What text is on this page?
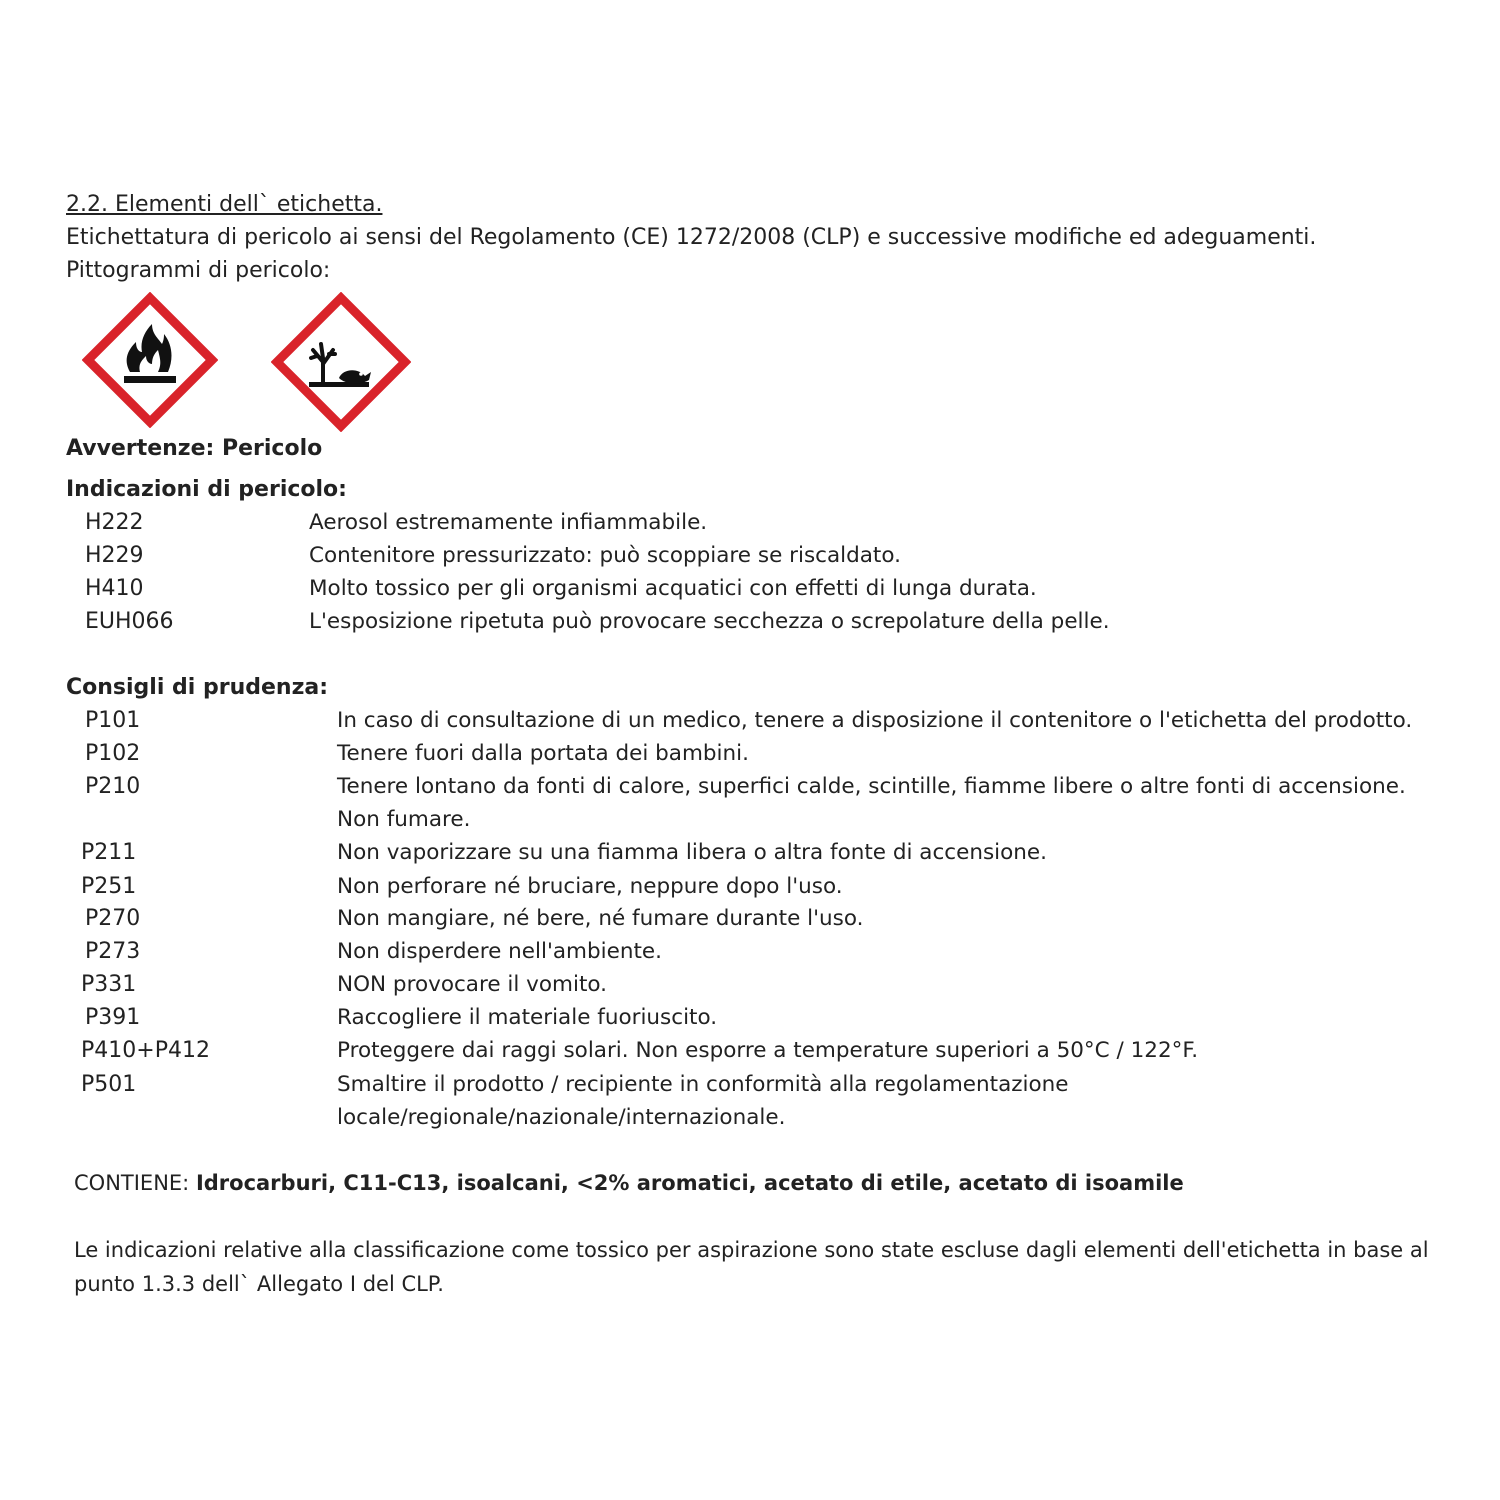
2.2. Elementi dell` etichetta.
Etichettatura di pericolo ai sensi del Regolamento (CE) 1272/2008 (CLP) e successive modifiche ed adeguamenti.
Pittogrammi di pericolo:
Avvertenze: Pericolo
Indicazioni di pericolo:
H222	Aerosol estremamente infiammabile.
H229	Contenitore pressurizzato: può scoppiare se riscaldato.
H410	Molto tossico per gli organismi acquatici con effetti di lunga durata.
EUH066	L'esposizione ripetuta può provocare secchezza o screpolature della pelle.
Consigli di prudenza:
P101	In caso di consultazione di un medico, tenere a disposizione il contenitore o l'etichetta del prodotto.
P102	Tenere fuori dalla portata dei bambini.
P210	Tenere lontano da fonti di calore, superfici calde, scintille, fiamme libere o altre fonti di accensione.
Non fumare.
P211	Non vaporizzare su una fiamma libera o altra fonte di accensione.
P251	Non perforare né bruciare, neppure dopo l'uso.
P270	Non mangiare, né bere, né fumare durante l'uso.
P273	Non disperdere nell'ambiente.
P331	NON provocare il vomito.
P391	Raccogliere il materiale fuoriuscito.
P410+P412	Proteggere dai raggi solari. Non esporre a temperature superiori a 50°C / 122°F.
P501	Smaltire il prodotto / recipiente in conformità alla regolamentazione
locale/regionale/nazionale/internazionale.
CONTIENE: Idrocarburi, C11-C13, isoalcani, <2% aromatici, acetato di etile, acetato di isoamile
Le indicazioni relative alla classificazione come tossico per aspirazione sono state escluse dagli elementi dell'etichetta in base al punto 1.3.3 dell` Allegato I del CLP.
